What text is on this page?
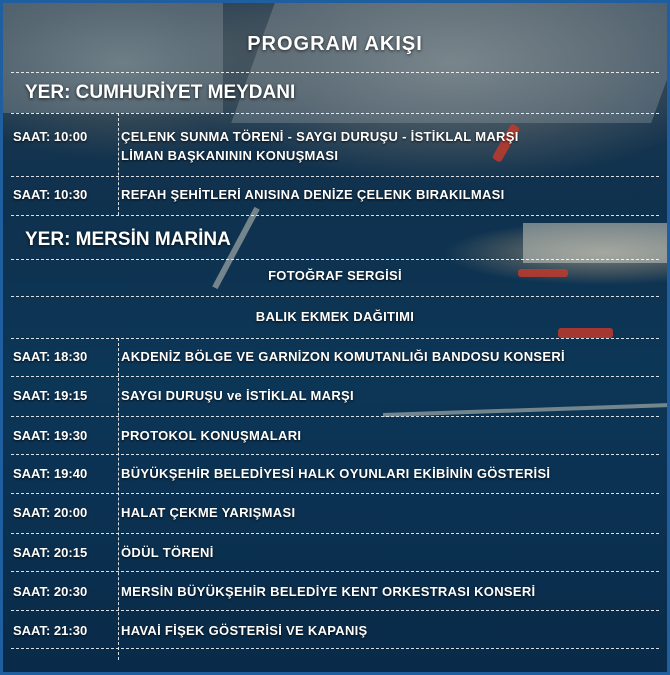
PROGRAM AKIŞI
YER: CUMHURİYET MEYDANI
SAAT: 10:00	ÇELENK SUNMA TÖRENİ - SAYGI DURUŞU - İSTİKLAL MARŞI
LİMAN BAŞKANININ KONUŞMASI
SAAT: 10:30	REFAH ŞEHİTLERİ ANISINA DENİZE ÇELENK BIRAKILMASI
YER: MERSİN MARİNA
FOTOĞRAF SERGİSİ
BALIK EKMEK DAĞITIMI
SAAT: 18:30	AKDENİZ BÖLGE VE GARNİZON KOMUTANLIĞI BANDOSU KONSERİ
SAAT: 19:15	SAYGI DURUŞU ve İSTİKLAL MARŞI
SAAT: 19:30	PROTOKOL KONUŞMALARI
SAAT: 19:40	BÜYÜKŞEHİR BELEDİYESİ HALK OYUNLARI EKİBİNİN GÖSTERİSİ
SAAT: 20:00	HALAT ÇEKME YARIŞMASI
SAAT: 20:15	ÖDÜL TÖRENİ
SAAT: 20:30	MERSİN BÜYÜKŞEHİR BELEDİYE KENT ORKESTRASI KONSERİ
SAAT: 21:30	HAVAİ FİŞEK GÖSTERİSİ VE KAPANIŞ
